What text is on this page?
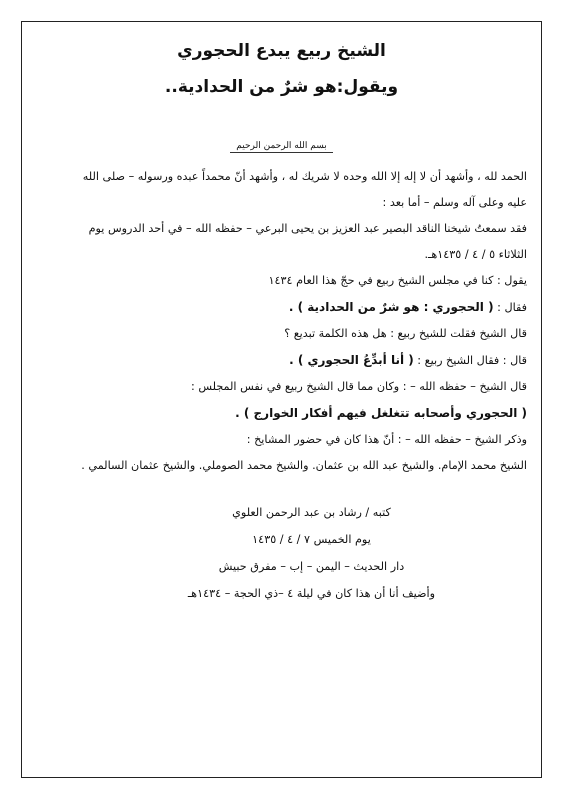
الشيخ ربيع يبدع الحجوري
ويقول:هو شرٌ من الحدادية..
بسم الله الرحمن الرحيم

الحمد لله ، وأشهد أن لا إله إلا الله وحده لا شريك له ، وأشهد أنّ محمداً عبده ورسوله – صلى الله

عليه وعلى آله وسلم – أما بعد :

فقد سمعتُ شيخنا الناقد البصير عبد العزيز بن يحيى البرعي – حفظه الله – في أحد الدروس يوم

الثلاثاء ٥ / ٤ / ١٤٣٥هـ.

يقول : كنا في مجلس الشيخ ربيع في حجّ هذا العام ١٤٣٤

فقال : ( الحجوري : هو شرٌ من الحدادية ) .

قال الشيخ فقلت للشيخ ربيع : هل هذه الكلمة تبديع ؟

قال : فقال الشيخ ربيع : ( أنا أبدِّعُ الحجوري ) .

قال الشيخ – حفظه الله – : وكان مما قال الشيخ ربيع في نفس المجلس :

( الحجوري وأصحابه تتغلغل فيهم أفكار الخوارج ) .

وذكر الشيخ – حفظه الله – : أنّ هذا كان في حضور المشايخ :

الشيخ محمد الإمام. والشيخ عبد الله بن عثمان. والشيخ محمد الصوملي. والشيخ عثمان السالمي .

كتبه / رشاد بن عبد الرحمن العلوي

يوم الخميس ٧ / ٤ / ١٤٣٥

دار الحديث – اليمن – إب – مفرق حبيش

وأضيف أنا أن هذا كان في ليلة ٤ –ذي الحجة – ١٤٣٤هـ
